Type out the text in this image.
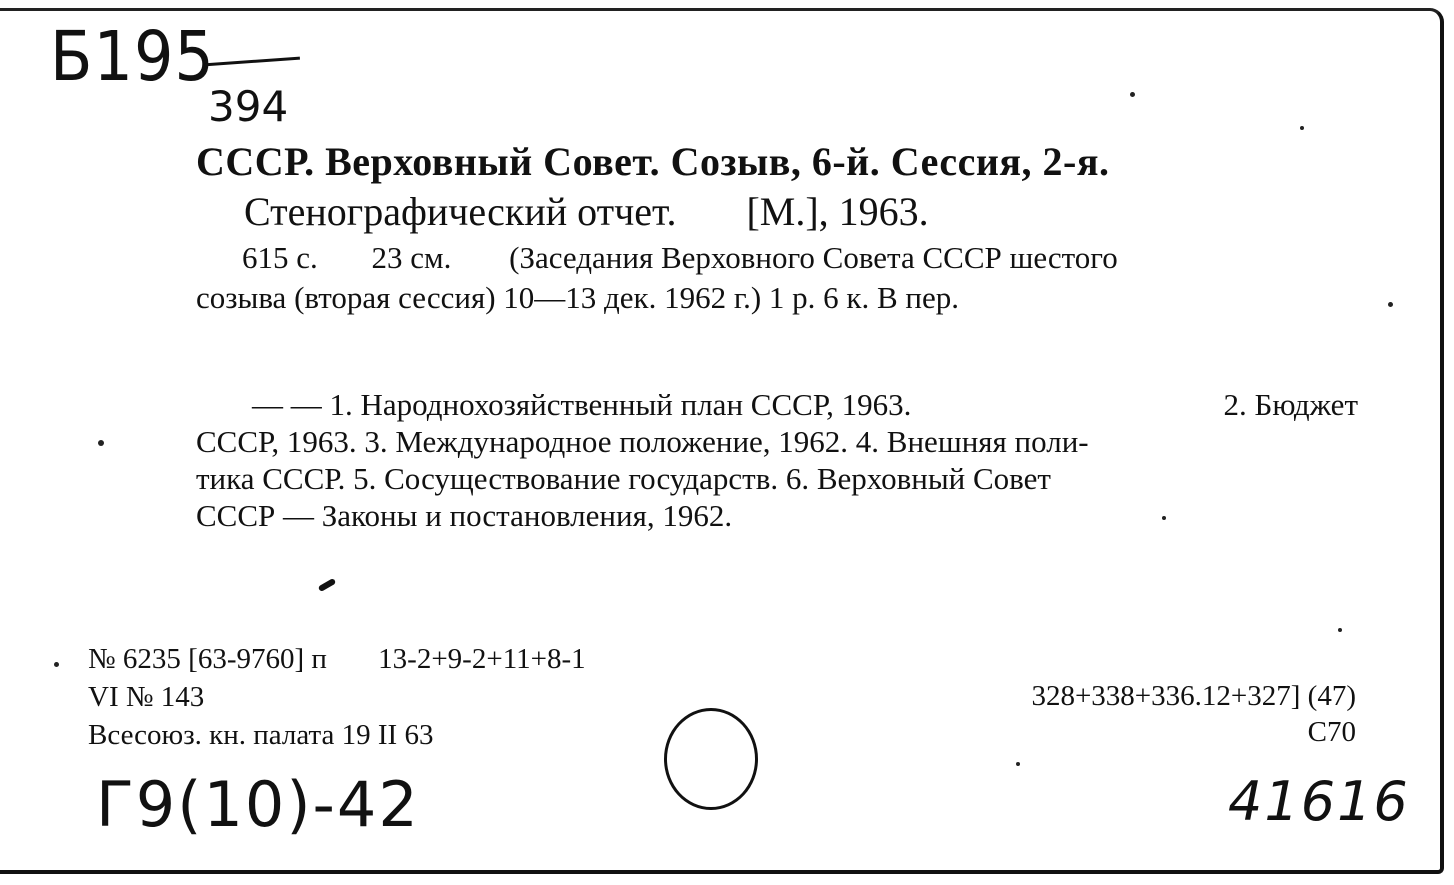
Б195
394
СССР. Верховный Совет. Созыв, 6-й. Сессия, 2-я.
Стенографический отчет. [М.], 1963.
615 с. 23 см. (Заседания Верховного Совета СССР шестого
созыва (вторая сессия) 10—13 дек. 1962 г.) 1 р. 6 к. В пер.
— — 1. Народнохозяйственный план СССР, 1963.	2. Бюджет
СССР, 1963. 3. Международное положение, 1962. 4. Внешняя поли-
тика СССР. 5. Сосуществование государств. 6. Верховный Совет
СССР — Законы и постановления, 1962.
№ 6235 [63-9760] п 13-2+9-2+11+8-1
VI № 143
Всесоюз. кн. палата 19 II 63
328+338+336.12+327] (47)
С70
Г9(10)-42	41616
